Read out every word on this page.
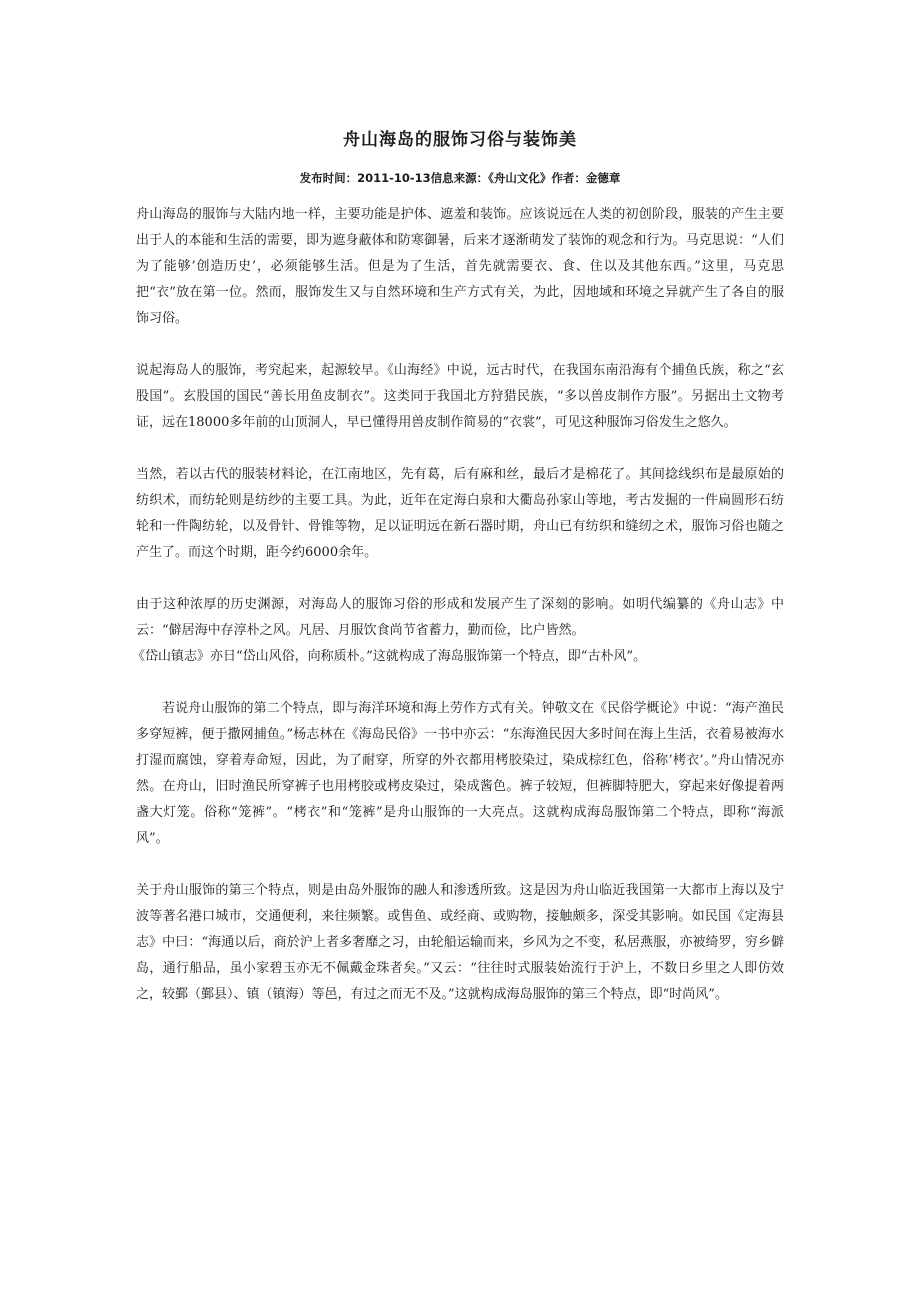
舟山海岛的服饰习俗与装饰美
发布时间：2011-10-13信息来源：《舟山文化》作者：金德章

舟山海岛的服饰与大陆内地一样，主要功能是护体、遮羞和装饰。应该说远在人类的初创阶段，服装的产生主要出于人的本能和生活的需要，即为遮身蔽体和防寒御暑，后来才逐渐萌发了装饰的观念和行为。马克思说：“人们为了能够’创造历史’，必须能够生活。但是为了生活，首先就需要衣、食、住以及其他东西。”这里，马克思把“衣”放在第一位。然而，服饰发生又与自然环境和生产方式有关，为此，因地域和环境之异就产生了各自的服饰习俗。

说起海岛人的服饰，考究起来，起源较早。《山海经》中说，远古时代，在我国东南沿海有个捕鱼氏族，称之“玄股国”。玄股国的国民“善长用鱼皮制衣”。这类同于我国北方狩猎民族，“多以兽皮制作方服”。另据出土文物考证，远在18000多年前的山顶洞人，早已懂得用兽皮制作简易的“衣裳”，可见这种服饰习俗发生之悠久。

当然，若以古代的服装材料论，在江南地区，先有葛，后有麻和丝，最后才是棉花了。其间捻线织布是最原始的纺织术，而纺轮则是纺纱的主要工具。为此，近年在定海白泉和大衢岛孙家山等地，考古发掘的一件扁圆形石纺轮和一件陶纺轮，以及骨针、骨锥等物，足以证明远在新石器时期，舟山已有纺织和缝纫之术，服饰习俗也随之产生了。而这个时期，距今约6000余年。

由于这种浓厚的历史渊源，对海岛人的服饰习俗的形成和发展产生了深刻的影响。如明代编纂的《舟山志》中云：“僻居海中存淳朴之风。凡居、月服饮食尚节省蓄力，勤而俭，比户皆然。
《岱山镇志》亦日“岱山风俗，向称质朴。”这就构成了海岛服饰第一个特点，即“古朴风”。

若说舟山服饰的第二个特点，即与海洋环境和海上劳作方式有关。钟敬文在《民俗学概论》中说：“海产渔民多穿短裤，便于撒网捕鱼。”杨志林在《海岛民俗》一书中亦云：“东海渔民因大多时间在海上生活，衣着易被海水打湿而腐蚀，穿着寿命短，因此，为了耐穿，所穿的外衣都用栲胶染过，染成棕红色，俗称’栲衣’。”舟山情况亦然。在舟山，旧时渔民所穿裤子也用栲胶或栲皮染过，染成酱色。裤子较短，但裤脚特肥大，穿起来好像提着两盏大灯笼。俗称“笼裤”。“栲衣”和“笼裤”是舟山服饰的一大亮点。这就构成海岛服饰第二个特点，即称“海派风”。

关于舟山服饰的第三个特点，则是由岛外服饰的融人和渗透所致。这是因为舟山临近我国第一大都市上海以及宁波等著名港口城市，交通便利，来往频繁。或售鱼、或经商、或购物，接触颇多，深受其影响。如民国《定海县志》中曰：“海通以后，商於沪上者多奢靡之习，由轮船运输而来，乡风为之不变，私居燕服，亦被绮罗，穷乡僻岛，通行船品，虽小家碧玉亦无不佩戴金珠者矣。”又云：“往往时式服装始流行于沪上，不数日乡里之人即仿效之，较鄞（鄞县）、镇（镇海）等邑，有过之而无不及。”这就构成海岛服饰的第三个特点，即“时尚风”。
